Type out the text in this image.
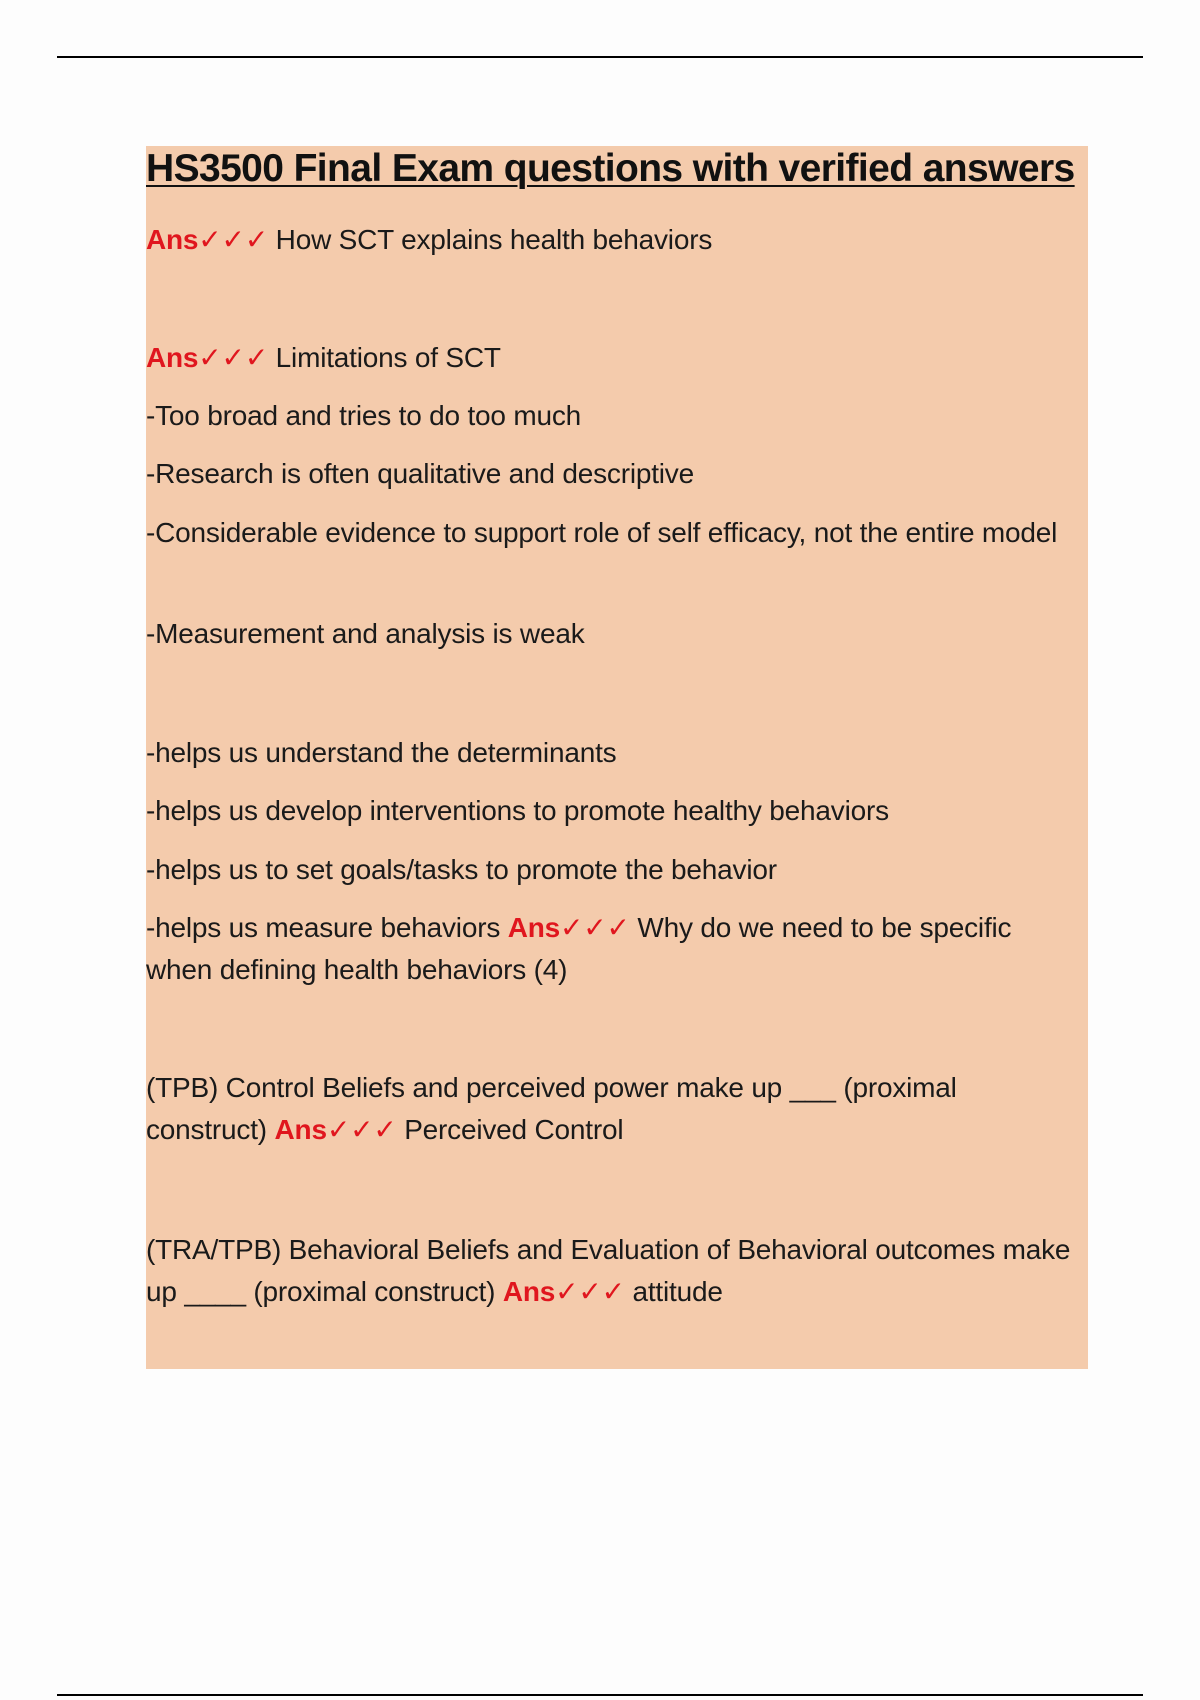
HS3500 Final Exam questions with verified answers

Ans✓✓✓ How SCT explains health behaviors

Ans✓✓✓ Limitations of SCT

-Too broad and tries to do too much

-Research is often qualitative and descriptive

-Considerable evidence to support role of self efficacy, not the entire model

-Measurement and analysis is weak

-helps us understand the determinants

-helps us develop interventions to promote healthy behaviors

-helps us to set goals/tasks to promote the behavior

-helps us measure behaviors Ans✓✓✓ Why do we need to be specific when defining health behaviors (4)

(TPB) Control Beliefs and perceived power make up ___ (proximal construct) Ans✓✓✓ Perceived Control

(TRA/TPB) Behavioral Beliefs and Evaluation of Behavioral outcomes make up ____ (proximal construct) Ans✓✓✓ attitude
